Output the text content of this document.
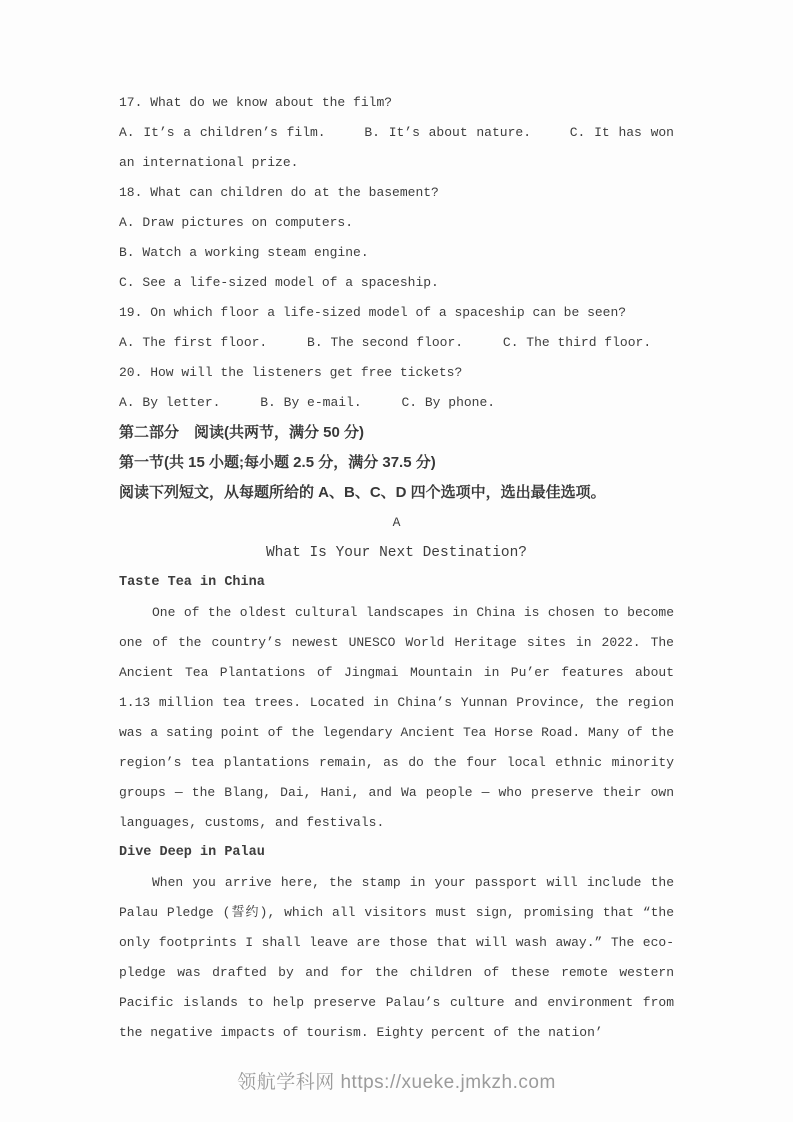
17. What do we know about the film?

A. It’s a children’s film.	B. It’s about nature.	C. It has won an international prize.

18. What can children do at the basement?

A. Draw pictures on computers.

B. Watch a working steam engine.

C. See a life-sized model of a spaceship.

19. On which floor a life-sized model of a spaceship can be seen?

A. The first floor.	B. The second floor.	C. The third floor.

20. How will the listeners get free tickets?

A. By letter.	B. By e-mail.	C. By phone.

第二部分　阅读(共两节，满分 50 分)

第一节(共 15 小题;每小题 2.5 分，满分 37.5 分)

阅读下列短文，从每题所给的 A、B、C、D 四个选项中，选出最佳选项。

A

What Is Your Next Destination?

Taste Tea in China

One of the oldest cultural landscapes in China is chosen to become one of the country’s newest UNESCO World Heritage sites in 2022. The Ancient Tea Plantations of Jingmai Mountain in Pu’er features about 1.13 million tea trees. Located in China’s Yunnan Province, the region was a sating point of the legendary Ancient Tea Horse Road. Many of the region’s tea plantations remain, as do the four local ethnic minority groups — the Blang, Dai, Hani, and Wa people — who preserve their own languages, customs, and festivals.

Dive Deep in Palau

When you arrive here, the stamp in your passport will include the Palau Pledge (誓约), which all visitors must sign, promising that “the only footprints I shall leave are those that will wash away.” The eco-pledge was drafted by and for the children of these remote western Pacific islands to help preserve Palau’s culture and environment from the negative impacts of tourism. Eighty percent of the nation’

领航学科网 https://xueke.jmkzh.com
